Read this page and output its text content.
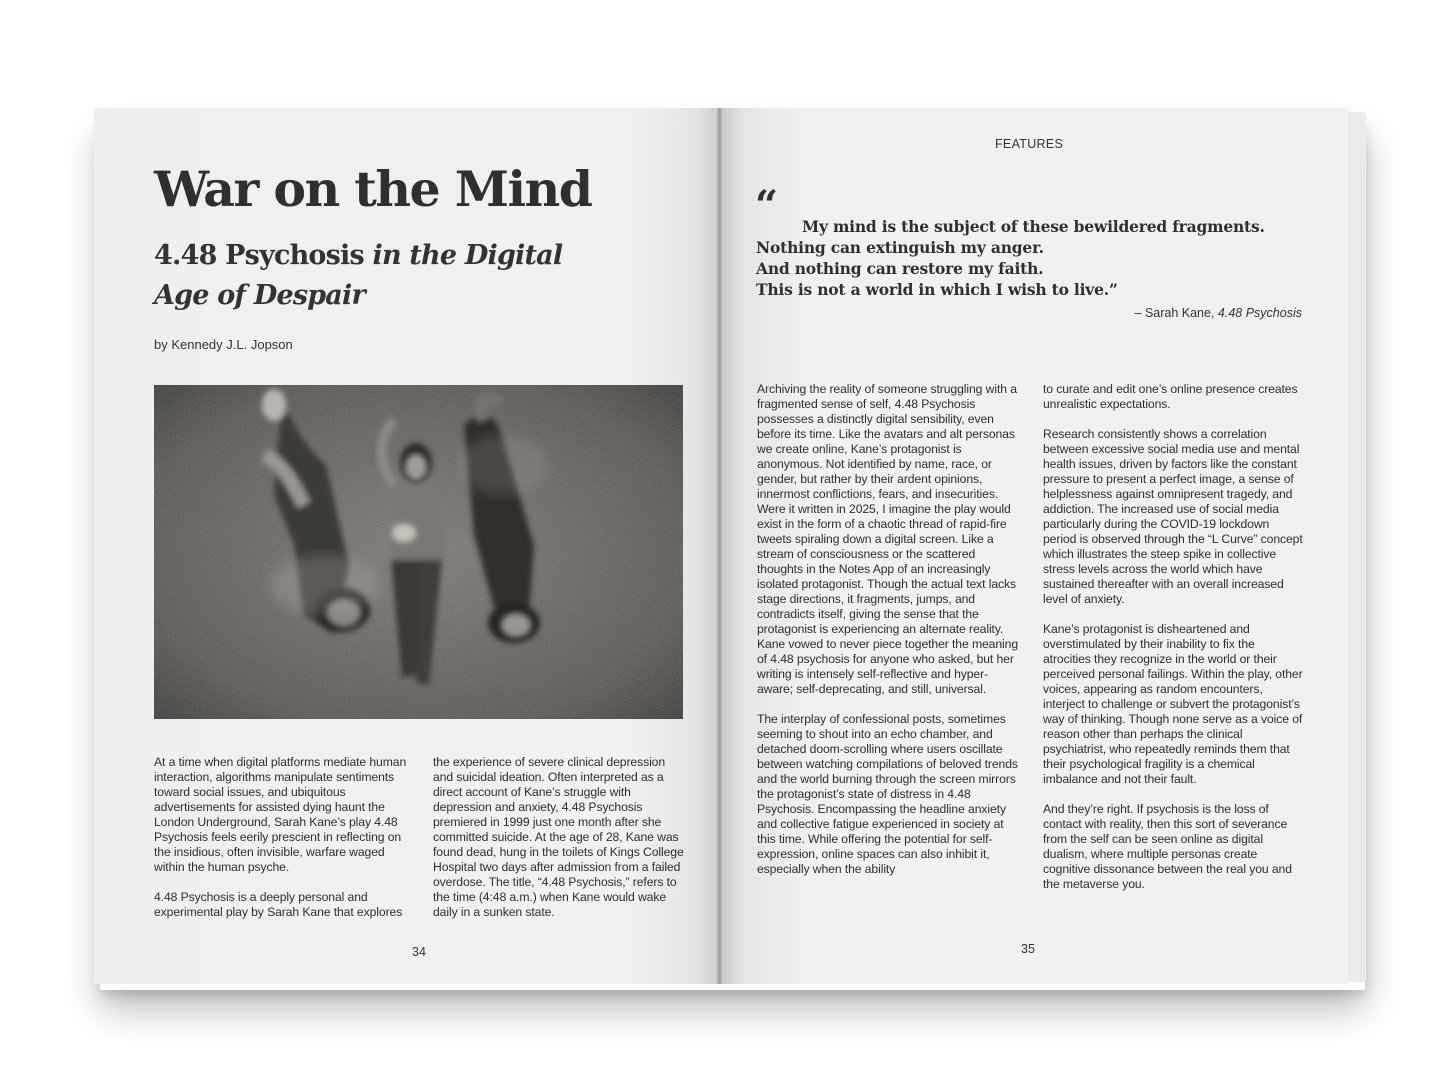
War on the Mind
4.48 Psychosis in the Digital Age of Despair
by Kennedy J.L. Jopson

At a time when digital platforms mediate human interaction, algorithms manipulate sentiments toward social issues, and ubiquitous advertisements for assisted dying haunt the London Underground, Sarah Kane’s play 4.48 Psychosis feels eerily prescient in reflecting on the insidious, often invisible, warfare waged within the human psyche.

4.48 Psychosis is a deeply personal and experimental play by Sarah Kane that explores

the experience of severe clinical depression and suicidal ideation. Often interpreted as a direct account of Kane’s struggle with depression and anxiety, 4.48 Psychosis premiered in 1999 just one month after she committed suicide. At the age of 28, Kane was found dead, hung in the toilets of Kings College Hospital two days after admission from a failed overdose. The title, “4.48 Psychosis,” refers to the time (4:48 a.m.) when Kane would wake daily in a sunken state.

34
FEATURES
“	My mind is the subject of these bewildered fragments.
Nothing can extinguish my anger.
And nothing can restore my faith.
This is not a world in which I wish to live.”
– Sarah Kane, 4.48 Psychosis

Archiving the reality of someone struggling with a fragmented sense of self, 4.48 Psychosis possesses a distinctly digital sensibility, even before its time. Like the avatars and alt personas we create online, Kane’s protagonist is anonymous. Not identified by name, race, or gender, but rather by their ardent opinions, innermost conflictions, fears, and insecurities. Were it written in 2025, I imagine the play would exist in the form of a chaotic thread of rapid-fire tweets spiraling down a digital screen. Like a stream of consciousness or the scattered thoughts in the Notes App of an increasingly isolated protagonist. Though the actual text lacks stage directions, it fragments, jumps, and contradicts itself, giving the sense that the protagonist is experiencing an alternate reality. Kane vowed to never piece together the meaning of 4.48 psychosis for anyone who asked, but her writing is intensely self-reflective and hyper-aware; self-deprecating, and still, universal.

The interplay of confessional posts, sometimes seeming to shout into an echo chamber, and detached doom-scrolling where users oscillate between watching compilations of beloved trends and the world burning through the screen mirrors the protagonist’s state of distress in 4.48 Psychosis. Encompassing the headline anxiety and collective fatigue experienced in society at this time. While offering the potential for self-expression, online spaces can also inhibit it, especially when the ability

to curate and edit one’s online presence creates unrealistic expectations.

Research consistently shows a correlation between excessive social media use and mental health issues, driven by factors like the constant pressure to present a perfect image, a sense of helplessness against omnipresent tragedy, and addiction. The increased use of social media particularly during the COVID-19 lockdown period is observed through the “L Curve” concept which illustrates the steep spike in collective stress levels across the world which have sustained thereafter with an overall increased level of anxiety.

Kane’s protagonist is disheartened and overstimulated by their inability to fix the atrocities they recognize in the world or their perceived personal failings. Within the play, other voices, appearing as random encounters, interject to challenge or subvert the protagonist’s way of thinking. Though none serve as a voice of reason other than perhaps the clinical psychiatrist, who repeatedly reminds them that their psychological fragility is a chemical imbalance and not their fault.

And they’re right. If psychosis is the loss of contact with reality, then this sort of severance from the self can be seen online as digital dualism, where multiple personas create cognitive dissonance between the real you and the metaverse you.

35
